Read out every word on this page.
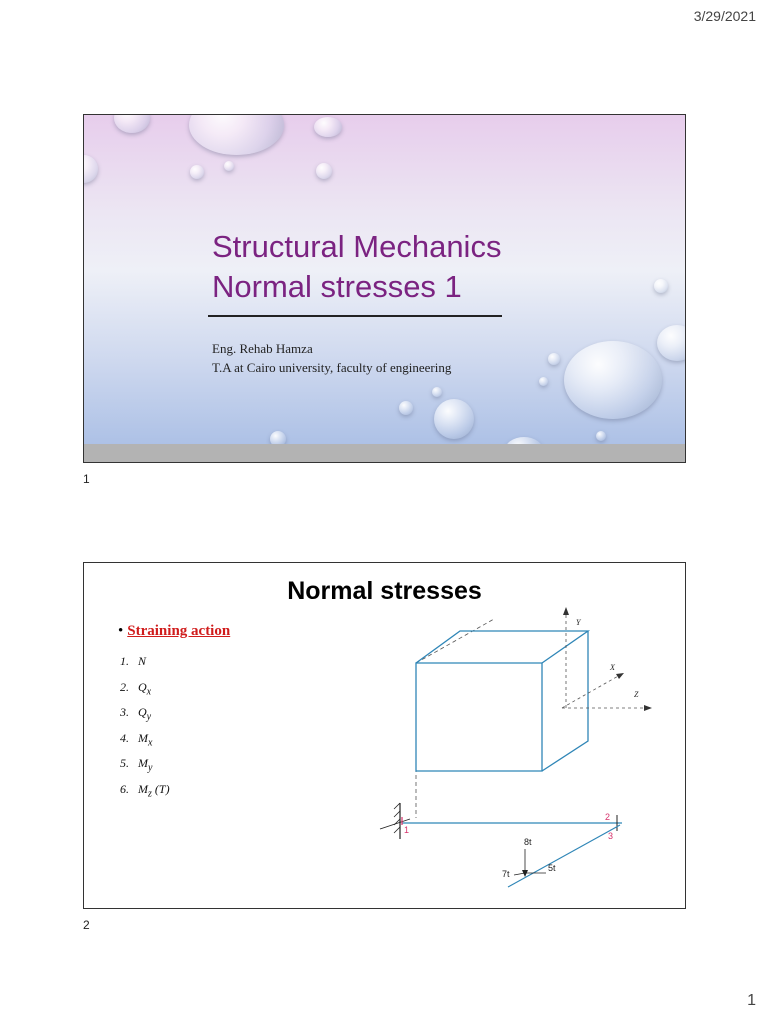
3/29/2021
Structural Mechanics
Normal stresses 1
Eng. Rehab Hamza
T.A at Cairo university, faculty of engineering
1
Normal stresses
• Straining action
1. N
2. $Q_x$
3. $Q_y$
4. $M_x$
5. $M_y$
6. $M_z$ (T)
Y
X
Z
1
2
3
8t
5t
7t
2
1
